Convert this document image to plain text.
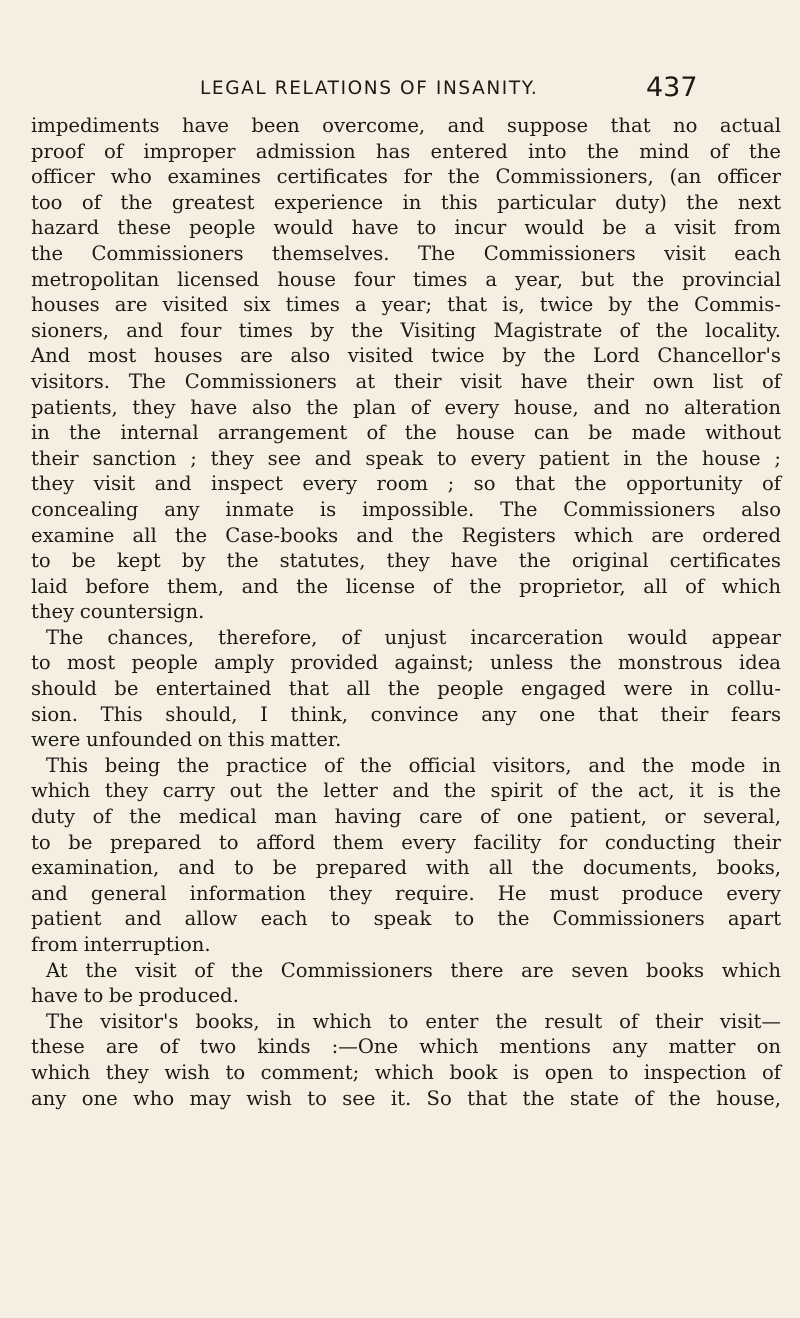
LEGAL RELATIONS OF INSANITY.	437
impediments have been overcome, and suppose that no actual
proof of improper admission has entered into the mind of the
officer who examines certificates for the Commissioners, (an officer
too of the greatest experience in this particular duty) the next
hazard these people would have to incur would be a visit from
the Commissioners themselves. The Commissioners visit each
metropolitan licensed house four times a year, but the provincial
houses are visited six times a year; that is, twice by the Commis-
sioners, and four times by the Visiting Magistrate of the locality.
And most houses are also visited twice by the Lord Chancellor's
visitors. The Commissioners at their visit have their own list of
patients, they have also the plan of every house, and no alteration
in the internal arrangement of the house can be made without
their sanction ; they see and speak to every patient in the house ;
they visit and inspect every room ; so that the opportunity of
concealing any inmate is impossible. The Commissioners also
examine all the Case-books and the Registers which are ordered
to be kept by the statutes, they have the original certificates
laid before them, and the license of the proprietor, all of which
they countersign.
The chances, therefore, of unjust incarceration would appear
to most people amply provided against; unless the monstrous idea
should be entertained that all the people engaged were in collu-
sion. This should, I think, convince any one that their fears
were unfounded on this matter.
This being the practice of the official visitors, and the mode in
which they carry out the letter and the spirit of the act, it is the
duty of the medical man having care of one patient, or several,
to be prepared to afford them every facility for conducting their
examination, and to be prepared with all the documents, books,
and general information they require. He must produce every
patient and allow each to speak to the Commissioners apart
from interruption.
At the visit of the Commissioners there are seven books which
have to be produced.
The visitor's books, in which to enter the result of their visit—
these are of two kinds :—One which mentions any matter on
which they wish to comment; which book is open to inspection of
any one who may wish to see it. So that the state of the house,
